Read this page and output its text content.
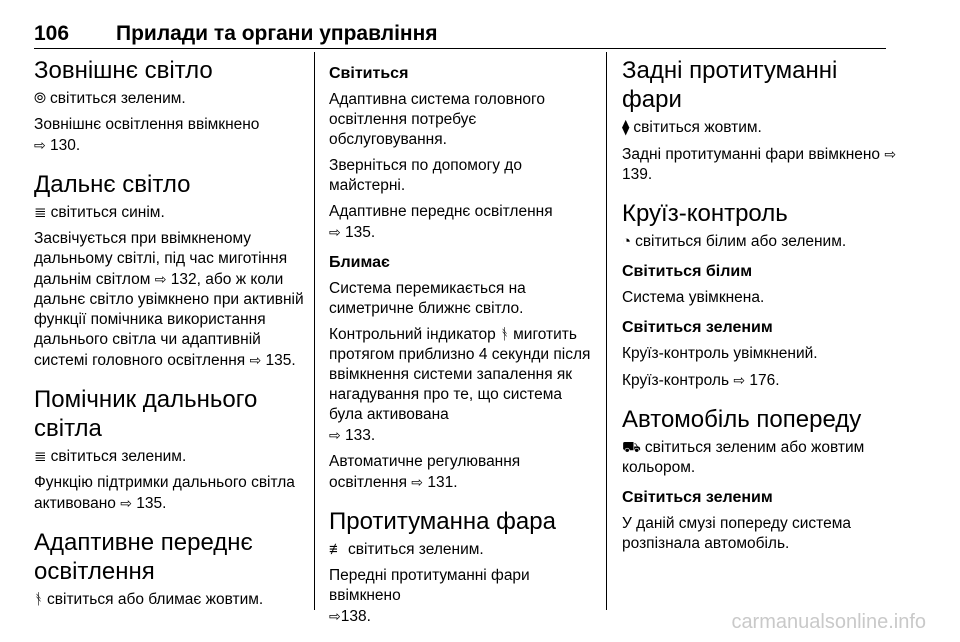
106 Прилади та органи управління
Зовнішнє світло

⦾ світиться зеленим.

Зовнішнє освітлення ввімкнено
⇨ 130.

Дальнє світло

≣ світиться синім.

Засвічується при ввімкненому дальньому світлі, під час миготіння дальнім світлом ⇨ 132, або ж коли дальнє світло увімкнено при активній функції помічника використання дальнього світла чи адаптивній системі головного освітлення ⇨ 135.

Помічник дальнього світла

≣ світиться зеленим.

Функцію підтримки дальнього світла активовано ⇨ 135.

Адаптивне переднє освітлення

ᚬ світиться або блимає жовтим.

Світиться

Адаптивна система головного освітлення потребує обслуговування.

Зверніться по допомогу до майстерні.

Адаптивне переднє освітлення
⇨ 135.

Блимає

Система перемикається на симетричне ближнє світло.

Контрольний індикатор ᚬ миготить протягом приблизно 4 секунди після ввімкнення системи запалення як нагадування про те, що система була активована
⇨ 133.

Автоматичне регулювання освітлення ⇨ 131.

Протитуманна фара

≢ світиться зеленим.

Передні протитуманні фари ввімкнено
⇨138.

Задні протитуманні фари

⧫ світиться жовтим.

Задні протитуманні фари ввімкнено ⇨ 139.

Круїз-контроль

◔ світиться білим або зеленим.

Світиться білим

Система увімкнена.

Світиться зеленим

Круїз-контроль увімкнений.

Круїз-контроль ⇨ 176.

Автомобіль попереду

⛟ світиться зеленим або жовтим кольором.

Світиться зеленим

У даній смузі попереду система розпізнала автомобіль.

carmanualsonline.info
